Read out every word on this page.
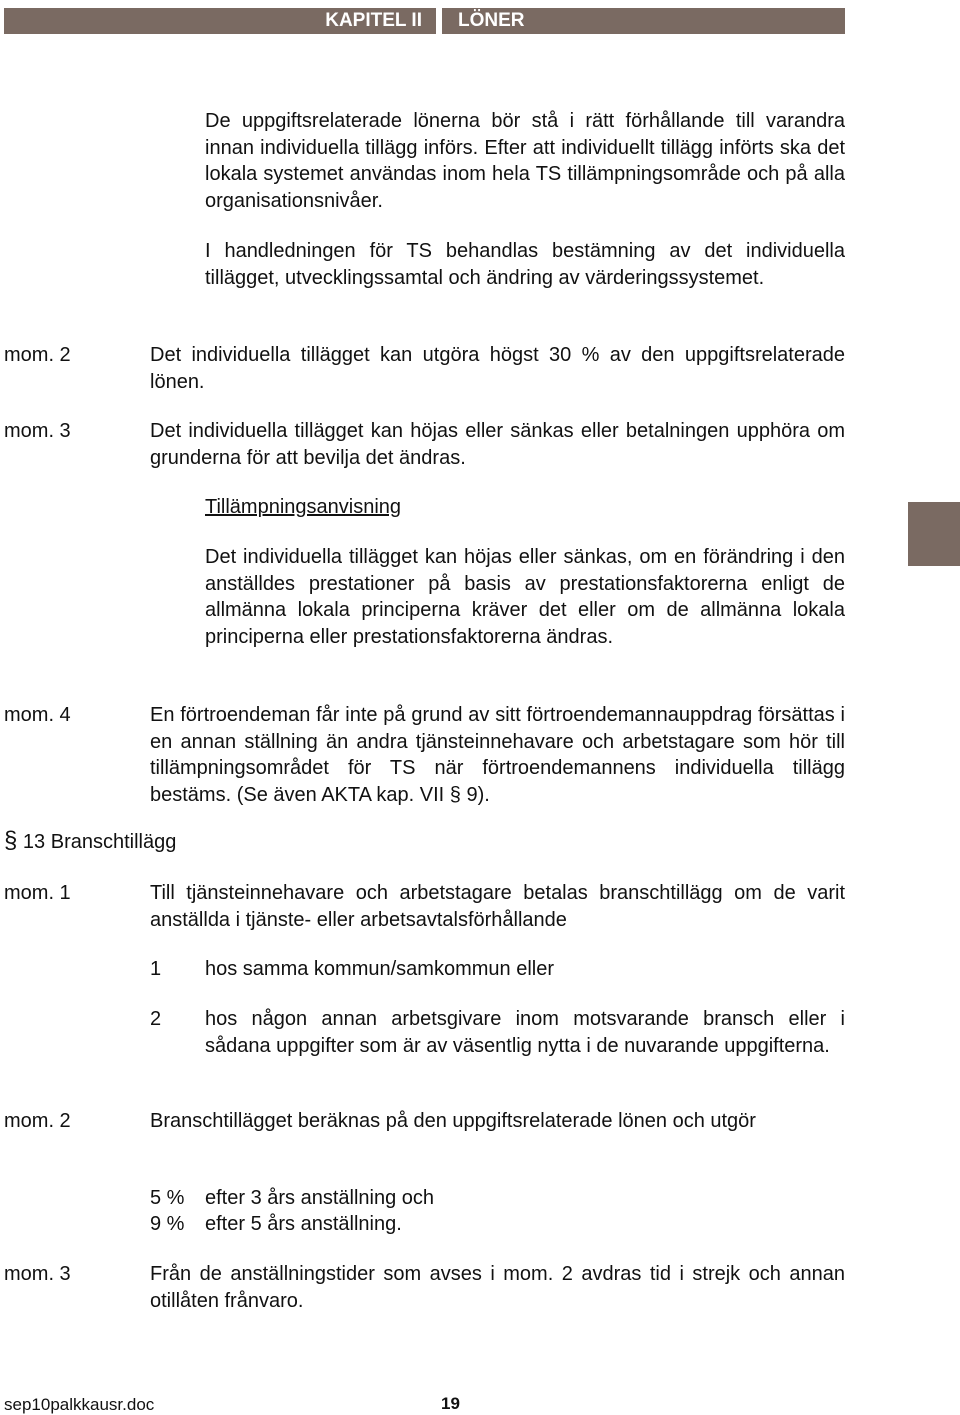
KAPITEL II	LÖNER

De uppgiftsrelaterade lönerna bör stå i rätt förhållande till varandra innan individuella tillägg införs. Efter att individuellt tillägg införts ska det lokala systemet användas inom hela TS tillämpningsområde och på alla organisationsnivåer.

I handledningen för TS behandlas bestämning av det individuella tillägget, utvecklingssamtal och ändring av värderingssystemet.

mom. 2	Det individuella tillägget kan utgöra högst 30 % av den uppgiftsrelaterade lönen.

mom. 3	Det individuella tillägget kan höjas eller sänkas eller betalningen upphöra om grunderna för att bevilja det ändras.

Tillämpningsanvisning

Det individuella tillägget kan höjas eller sänkas, om en förändring i den anställdes prestationer på basis av prestationsfaktorerna enligt de allmänna lokala principerna kräver det eller om de allmänna lokala principerna eller prestationsfaktorerna ändras.

mom. 4	En förtroendeman får inte på grund av sitt förtroendemannauppdrag försättas i en annan ställning än andra tjänsteinnehavare och arbetstagare som hör till tillämpningsområdet för TS när förtroendemannens individuella tillägg bestäms. (Se även AKTA kap. VII § 9).

§ 13 Branschtillägg
mom. 1	Till tjänsteinnehavare och arbetstagare betalas branschtillägg om de varit anställda i tjänste- eller arbetsavtalsförhållande

1 hos samma kommun/samkommun eller

2 hos någon annan arbetsgivare inom motsvarande bransch eller i sådana uppgifter som är av väsentlig nytta i de nuvarande uppgifterna.

mom. 2	Branschtillägget beräknas på den uppgiftsrelaterade lönen och utgör

5 % efter 3 års anställning och

9 % efter 5 års anställning.

mom. 3	Från de anställningstider som avses i mom. 2 avdras tid i strejk och annan otillåten frånvaro.

sep10palkkausr.doc	19
